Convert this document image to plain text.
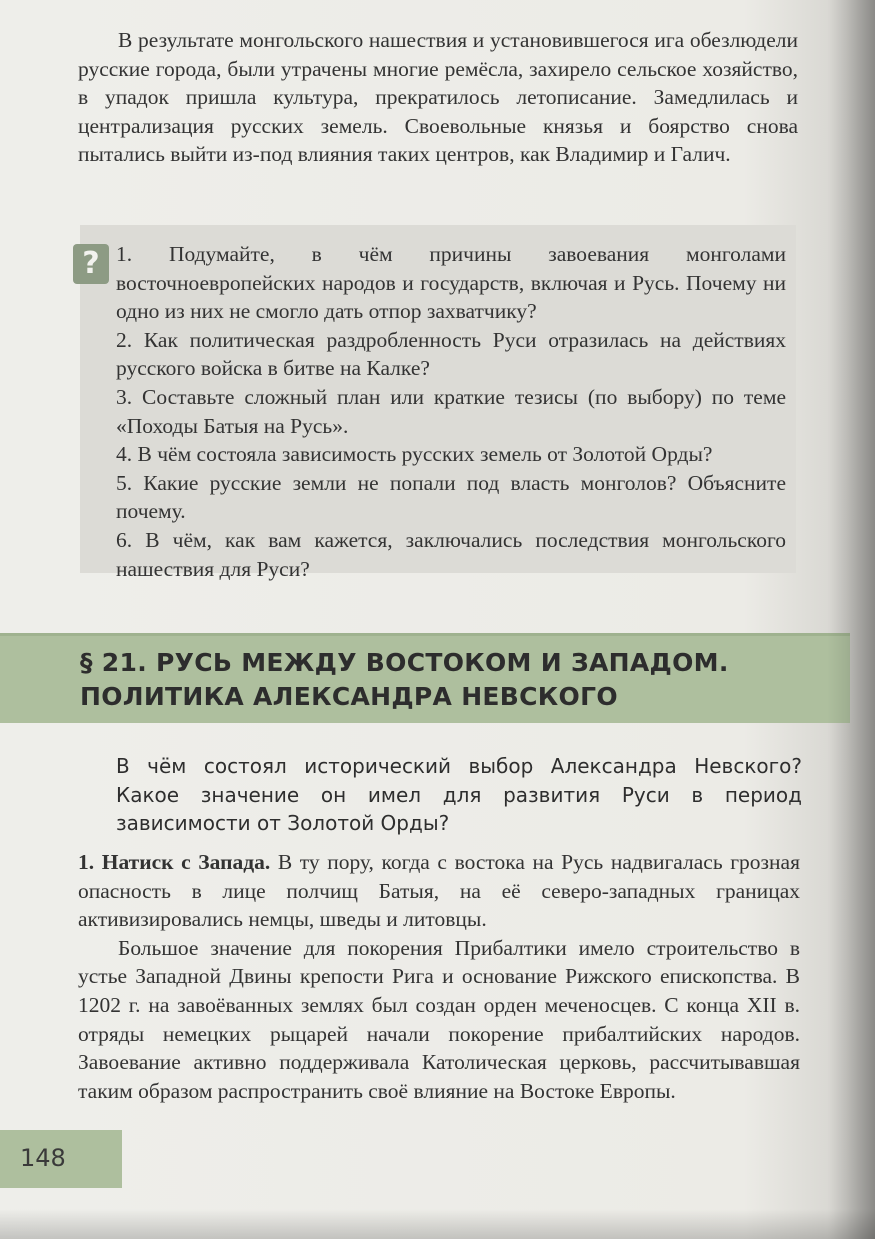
В результате монгольского нашествия и установившегося ига обезлюдели русские города, были утрачены многие ремёсла, захирело сельское хозяйство, в упадок пришла культура, прекратилось летописание. Замедлилась и централизация русских земель. Своевольные князья и боярство снова пытались выйти из-под влияния таких центров, как Владимир и Галич.

? 1. Подумайте, в чём причины завоевания монголами восточноевропейских народов и государств, включая и Русь. Почему ни одно из них не смогло дать отпор захватчику?
2. Как политическая раздробленность Руси отразилась на действиях русского войска в битве на Калке?
3. Составьте сложный план или краткие тезисы (по выбору) по теме «Походы Батыя на Русь».
4. В чём состояла зависимость русских земель от Золотой Орды?
5. Какие русские земли не попали под власть монголов? Объясните почему.
6. В чём, как вам кажется, заключались последствия монгольского нашествия для Руси?
§ 21. РУСЬ МЕЖДУ ВОСТОКОМ И ЗАПАДОМ. ПОЛИТИКА АЛЕКСАНДРА НЕВСКОГО

В чём состоял исторический выбор Александра Невского? Какое значение он имел для развития Руси в период зависимости от Золотой Орды?

1. Натиск с Запада. В ту пору, когда с востока на Русь надвигалась грозная опасность в лице полчищ Батыя, на её северо-западных границах активизировались немцы, шведы и литовцы.

Большое значение для покорения Прибалтики имело строительство в устье Западной Двины крепости Рига и основание Рижского епископства. В 1202 г. на завоёванных землях был создан орден меченосцев. С конца XII в. отряды немецких рыцарей начали покорение прибалтийских народов. Завоевание активно поддерживала Католическая церковь, рассчитывавшая таким образом распространить своё влияние на Востоке Европы.

148
